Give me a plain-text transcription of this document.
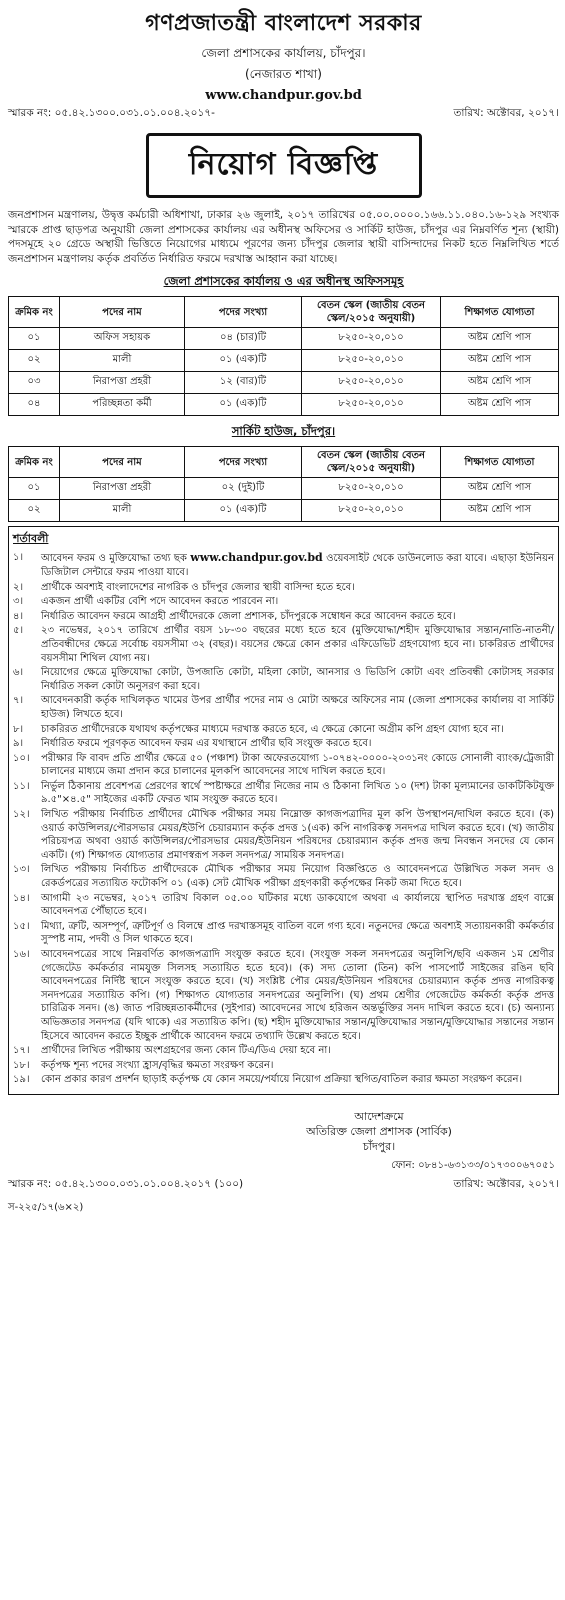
গণপ্রজাতন্ত্রী বাংলাদেশ সরকার
জেলা প্রশাসকের কার্যালয়, চাঁদপুর।
(নেজারত শাখা)
www.chandpur.gov.bd
স্মারক নং: ০৫.৪২.১৩০০.০৩১.০১.০০৪.২০১৭-	তারিখ: অক্টোবর, ২০১৭।
নিয়োগ বিজ্ঞপ্তি
জনপ্রশাসন মন্ত্রণালয়, উদ্বৃত্ত কর্মচারী অধিশাখা, ঢাকার ২৬ জুলাই, ২০১৭ তারিখের ০৫.০০.০০০০.১৬৬.১১.০৪০.১৬-১২৯ সংখ্যক স্মারকে প্রাপ্ত ছাড়পত্র অনুযায়ী জেলা প্রশাসকের কার্যালয় এর অধীনস্থ অফিসের ও সার্কিট হাউজ, চাঁদপুর এর নিম্নবর্ণিত শূন্য (স্থায়ী) পদসমূহে ২০ গ্রেডে অস্থায়ী ভিত্তিতে নিয়োগের মাধ্যমে পূরণের জন্য চাঁদপুর জেলার স্থায়ী বাসিন্দাদের নিকট হতে নিম্নলিখিত শর্তে জনপ্রশাসন মন্ত্রণালয় কর্তৃক প্রবর্তিত নির্ধারিত ফরমে দরখাস্ত আহ্বান করা যাচ্ছে।
জেলা প্রশাসকের কার্যালয় ও এর অধীনস্থ অফিসসমূহ
ক্রমিক নং	পদের নাম	পদের সংখ্যা	বেতন স্কেল (জাতীয় বেতন স্কেল/২০১৫ অনুযায়ী)	শিক্ষাগত যোগ্যতা
০১	অফিস সহায়ক	০৪ (চার)টি	৮২৫০-২০,০১০	অষ্টম শ্রেণি পাস
০২	মালী	০১ (এক)টি	৮২৫০-২০,০১০	অষ্টম শ্রেণি পাস
০৩	নিরাপত্তা প্রহরী	১২ (বার)টি	৮২৫০-২০,০১০	অষ্টম শ্রেণি পাস
০৪	পরিচ্ছন্নতা কর্মী	০১ (এক)টি	৮২৫০-২০,০১০	অষ্টম শ্রেণি পাস
সার্কিট হাউজ, চাঁদপুর।
ক্রমিক নং	পদের নাম	পদের সংখ্যা	বেতন স্কেল (জাতীয় বেতন স্কেল/২০১৫ অনুযায়ী)	শিক্ষাগত যোগ্যতা
০১	নিরাপত্তা প্রহরী	০২ (দুই)টি	৮২৫০-২০,০১০	অষ্টম শ্রেণি পাস
০২	মালী	০১ (এক)টি	৮২৫০-২০,০১০	অষ্টম শ্রেণি পাস
শর্তাবলী
১।	আবেদন ফরম ও মুক্তিযোদ্ধা তথ্য ছক www.chandpur.gov.bd ওয়েবসাইট থেকে ডাউনলোড করা যাবে। এছাড়া ইউনিয়ন ডিজিটাল সেন্টারে ফরম পাওয়া যাবে।
২।	প্রার্থীকে অবশ্যই বাংলাদেশের নাগরিক ও চাঁদপুর জেলার স্থায়ী বাসিন্দা হতে হবে।
৩।	একজন প্রার্থী একটির বেশি পদে আবেদন করতে পারবেন না।
৪।	নির্ধারিত আবেদন ফরমে আগ্রহী প্রার্থীদেরকে জেলা প্রশাসক, চাঁদপুরকে সম্বোধন করে আবেদন করতে হবে।
৫।	২৩ নভেম্বর, ২০১৭ তারিখে প্রার্থীর বয়স ১৮-৩০ বছরের মধ্যে হতে হবে (মুক্তিযোদ্ধা/শহীদ মুক্তিযোদ্ধার সন্তান/নাতি-নাতনী/প্রতিবন্ধীদের ক্ষেত্রে সর্বোচ্চ বয়সসীমা ৩২ (বছর)। বয়সের ক্ষেত্রে কোন প্রকার এফিডেভিট গ্রহণযোগ্য হবে না। চাকরিরত প্রার্থীদের বয়সসীমা শিথিল যোগ্য নয়।
৬।	নিয়োগের ক্ষেত্রে মুক্তিযোদ্ধা কোটা, উপজাতি কোটা, মহিলা কোটা, আনসার ও ভিডিপি কোটা এবং প্রতিবন্ধী কোটাসহ সরকার নির্ধারিত সকল কোটা অনুসরণ করা হবে।
৭।	আবেদনকারী কর্তৃক দাখিলকৃত খামের উপর প্রার্থীর পদের নাম ও মোটা অক্ষরে অফিসের নাম (জেলা প্রশাসকের কার্যালয় বা সার্কিট হাউজ) লিখতে হবে।
৮।	চাকরিরত প্রার্থীদেরকে যথাযথ কর্তৃপক্ষের মাধ্যমে দরখাস্ত করতে হবে, এ ক্ষেত্রে কোনো অগ্রীম কপি গ্রহণ যোগ্য হবে না।
৯।	নির্ধারিত ফরমে পূরণকৃত আবেদন ফরম এর যথাস্থানে প্রার্থীর ছবি সংযুক্ত করতে হবে।
১০।	পরীক্ষার ফি বাবদ প্রতি প্রার্থীর ক্ষেত্রে ৫০ (পঞ্চাশ) টাকা অফেরতযোগ্য ১-০৭৪২-০০০০-২০৩১নং কোডে সোনালী ব্যাংক/ট্রেজারী চালানের মাধ্যমে জমা প্রদান করে চালানের মূলকপি আবেদনের সাথে দাখিল করতে হবে।
১১।	নির্ভুল ঠিকানায় প্রবেশপত্র প্রেরণের স্বার্থে স্পষ্টাক্ষরে প্রার্থীর নিজের নাম ও ঠিকানা লিখিত ১০ (দশ) টাকা মূল্যমানের ডাকটিকিটযুক্ত ৯.৫"×৪.৫" সাইজের একটি ফেরত খাম সংযুক্ত করতে হবে।
১২।	লিখিত পরীক্ষায় নির্বাচিত প্রার্থীদের মৌখিক পরীক্ষার সময় নিম্নোক্ত কাগজপত্রাদির মূল কপি উপস্থাপন/দাখিল করতে হবে। (ক) ওয়ার্ড কাউন্সিলর/পৌরসভার মেয়র/ইউপি চেয়ারম্যান কর্তৃক প্রদত্ত ১(এক) কপি নাগরিকত্ব সনদপত্র দাখিল করতে হবে। (খ) জাতীয় পরিচয়পত্র অথবা ওয়ার্ড কাউন্সিলর/পৌরসভার মেয়র/ইউনিয়ন পরিষদের চেয়ারম্যান কর্তৃক প্রদত্ত জন্ম নিবন্ধন সনদের যে কোন একটি। (গ) শিক্ষাগত যোগ্যতার প্রমাণস্বরূপ সকল সনদপত্র/ সাময়িক সনদপত্র।
১৩।	লিখিত পরীক্ষায় নির্বাচিত প্রার্থীদেরকে মৌখিক পরীক্ষার সময় নিয়োগ বিজ্ঞপ্তিতে ও আবেদনপত্রে উল্লিখিত সকল সনদ ও রেকর্ডপত্রের সত্যায়িত ফটোকপি ০১ (এক) সেট মৌখিক পরীক্ষা গ্রহণকারী কর্তৃপক্ষের নিকট জমা দিতে হবে।
১৪।	আগামী ২৩ নভেম্বর, ২০১৭ তারিখ বিকাল ০৫.০০ ঘটিকার মধ্যে ডাকযোগে অথবা এ কার্যালয়ে স্থাপিত দরখাস্ত গ্রহণ বাক্সে আবেদনপত্র পৌঁছাতে হবে।
১৫।	মিথ্যা, ত্রুটি, অসম্পূর্ণ, ত্রুটিপূর্ণ ও বিলম্বে প্রাপ্ত দরখাস্তসমূহ বাতিল বলে গণ্য হবে। নতুনদের ক্ষেত্রে অবশ্যই সত্যায়নকারী কর্মকর্তার সুস্পষ্ট নাম, পদবী ও সিল থাকতে হবে।
১৬।	আবেদনপত্রের সাথে নিম্নবর্ণিত কাগজপত্রাদি সংযুক্ত করতে হবে। (সংযুক্ত সকল সনদপত্রের অনুলিপি/ছবি একজন ১ম শ্রেণীর গেজেটেড কর্মকর্তার নামযুক্ত সিলসহ সত্যায়িত হতে হবে)। (ক) সদ্য তোলা (তিন) কপি পাসপোর্ট সাইজের রঙিন ছবি আবেদনপত্রের নির্দিষ্ট স্থানে সংযুক্ত করতে হবে। (খ) সংশ্লিষ্ট পৌর মেয়র/ইউনিয়ন পরিষদের চেয়ারম্যান কর্তৃক প্রদত্ত নাগরিকত্ব সনদপত্রের সত্যায়িত কপি। (গ) শিক্ষাগত যোগ্যতার সনদপত্রের অনুলিপি। (ঘ) প্রথম শ্রেণীর গেজেটেড কর্মকর্তা কর্তৃক প্রদত্ত চারিত্রিক সনদ। (ঙ) জাত পরিচ্ছন্নতাকর্মীদের (সুইপার) আবেদনের সাথে হরিজন অন্তর্ভুক্তির সনদ দাখিল করতে হবে। (চ) অন্যান্য অভিজ্ঞতার সনদপত্র (যদি থাকে) এর সত্যায়িত কপি। (ছ) শহীদ মুক্তিযোদ্ধার সন্তান/মুক্তিযোদ্ধার সন্তান/মুক্তিযোদ্ধার সন্তানের সন্তান হিসেবে আবেদন করতে ইচ্ছুক প্রার্থীকে আবেদন ফরমে তথ্যাদি উল্লেখ করতে হবে।
১৭।	প্রার্থীদের লিখিত পরীক্ষায় অংশগ্রহণের জন্য কোন টিএ/ডিএ দেয়া হবে না।
১৮।	কর্তৃপক্ষ শূন্য পদের সংখ্যা হ্রাস/বৃদ্ধির ক্ষমতা সংরক্ষণ করেন।
১৯।	কোন প্রকার কারণ প্রদর্শন ছাড়াই কর্তৃপক্ষ যে কোন সময়ে/পর্যায়ে নিয়োগ প্রক্রিয়া স্থগিত/বাতিল করার ক্ষমতা সংরক্ষণ করেন।
আদেশক্রমে
অতিরিক্ত জেলা প্রশাসক (সার্বিক)
চাঁদপুর।
ফোন: ০৮৪১-৬৩১৩৩/০১৭৩০০৬৭০৫১
স্মারক নং: ০৫.৪২.১৩০০.০৩১.০১.০০৪.২০১৭ (১০০)	তারিখ: অক্টোবর, ২০১৭।
স-২২৫/১৭(৬×২)
